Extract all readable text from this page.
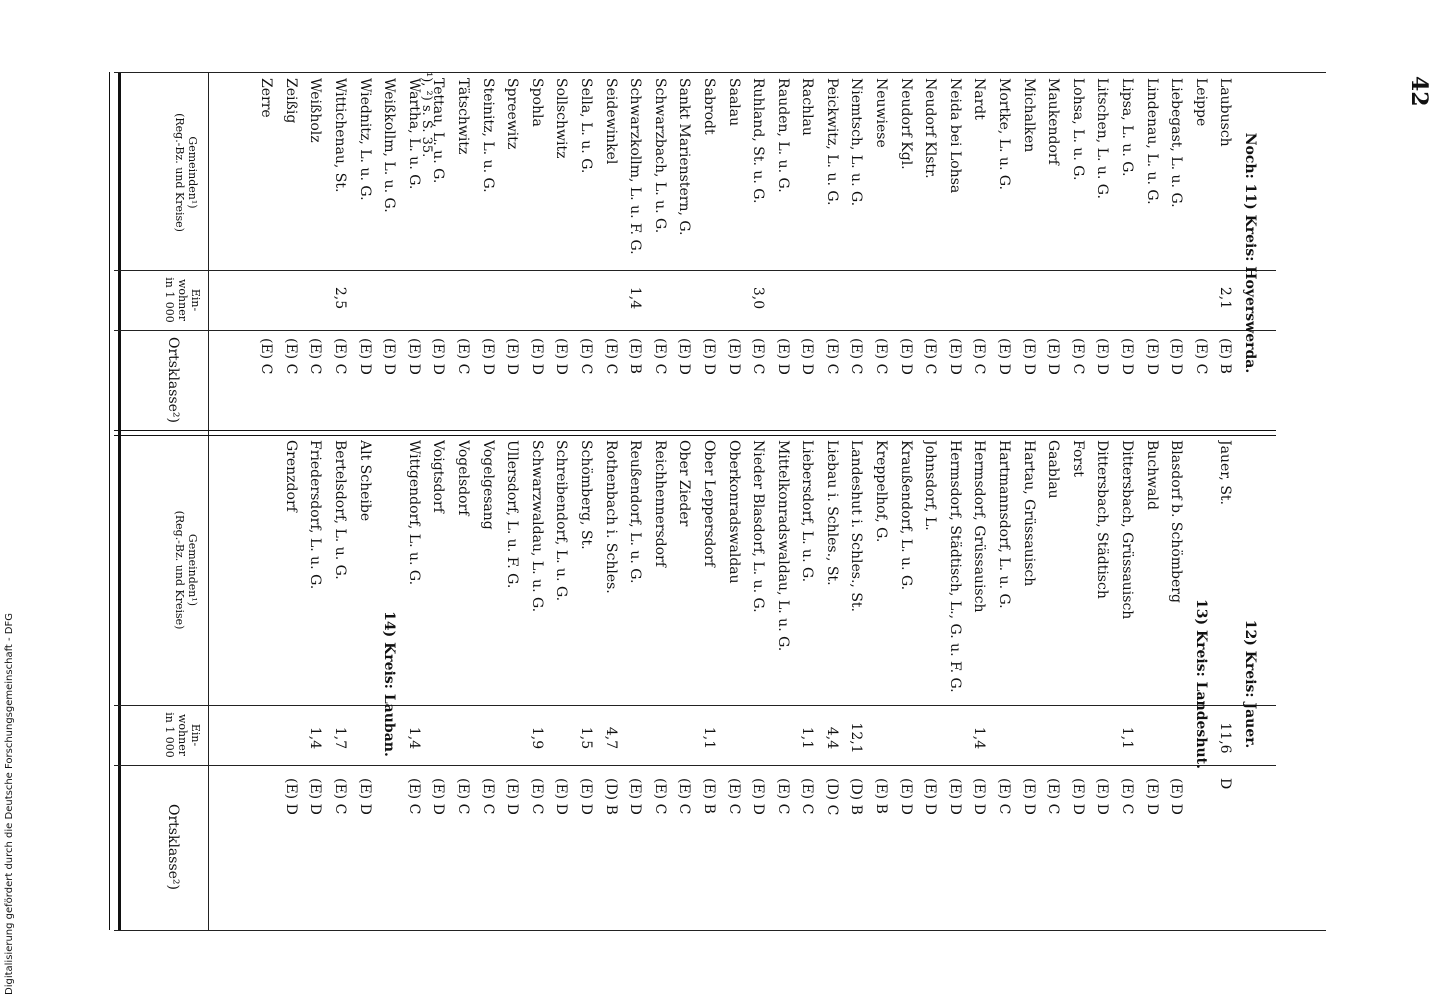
42
Gemeinden¹)
(Reg.-Bz. und Kreise)
Ein-wohner in 1 000
Ortsklasse²)
Gemeinden¹)
(Reg.-Bz. und Kreise)
Ein-wohner in 1 000
Ortsklasse²)
Noch: 11) Kreis: Hoyerswerda.
Laubusch
2,1
(E) B
Leippe
(E) C
Liebegast, L. u. G.
(E) D
Lindenau, L. u. G.
(E) D
Lipsa, L. u. G.
(E) D
Litschen, L. u. G.
(E) D
Lohsa, L. u. G.
(E) C
Maukendorf
(E) D
Michalken
(E) D
Mortke, L. u. G.
(E) D
Nardt
(E) C
Neida bei Lohsa
(E) D
Neudorf Klstr.
(E) C
Neudorf Kgl.
(E) D
Neuwiese
(E) C
Niemtsch, L. u. G.
(E) C
Peickwitz, L. u. G.
(E) C
Rachlau
(E) D
Rauden, L. u. G.
(E) D
Ruhland, St. u. G.
3,0
(E) C
Saalau
(E) D
Sabrodt
(E) D
Sankt Marienstern, G.
(E) D
Schwarzbach, L. u. G.
(E) C
Schwarzkollm, L. u. F. G.
1,4
(E) B
Seidewinkel
(E) C
Sella, L. u. G.
(E) C
Sollschwitz
(E) D
Spohla
(E) D
Spreewitz
(E) D
Steinitz, L. u. G.
(E) D
Tätschwitz
(E) C
Tettau, L. u. G.
(E) D
Wartha, L. u. G.
(E) D
Weißkollm, L. u. G.
(E) D
Wiednitz, L. u. G.
(E) D
Wittichenau, St.
2,5
(E) C
Weißholz
(E) C
Zeißig
(E) C
Zerre
(E) C
12) Kreis: Jauer.
Jauer, St.
11,6
D
13) Kreis: Landeshut.
Blasdorf b. Schömberg
(E) D
Buchwald
(E) D
Dittersbach, Grüssauisch
1,1
(E) C
Dittersbach, Städtisch
(E) D
Forst
(E) D
Gaablau
(E) C
Hartau, Grüssauisch
(E) D
Hartmannsdorf, L. u. G.
(E) C
Hermsdorf, Grüssauisch
1,4
(E) D
Hermsdorf, Städtisch, L., G. u. F. G.
(E) D
Johnsdorf, L.
(E) D
Kraußendorf, L. u. G.
(E) D
Kreppelhof, G.
(E) B
Landeshut i. Schles., St.
12,1
(D) B
Liebau i. Schles., St.
4,4
(D) C
Liebersdorf, L. u. G.
1,1
(E) C
Mittelkonradswaldau, L. u. G.
(E) C
Nieder Blasdorf, L. u. G.
(E) D
Oberkonradswaldau
(E) C
Ober Leppersdorf
1,1
(E) B
Ober Zieder
(E) C
Reichhennersdorf
(E) C
Reußendorf, L. u. G.
(E) D
Rothenbach i. Schles.
4,7
(D) B
Schömberg, St.
1,5
(E) D
Schreibendorf, L. u. G.
(E) D
Schwarzwaldau, L. u. G.
1,9
(E) C
Ullersdorf, L. u. F. G.
(E) D
Vogelgesang
(E) C
Vogelsdorf
(E) C
Voigtsdorf
(E) D
Wittgendorf, L. u. G.
1,4
(E) C
14) Kreis: Lauban.
Alt Scheibe
(E) D
Bertelsdorf, L. u. G.
1,7
(E) C
Friedersdorf, L. u. G.
1,4
(E) D
Grenzdorf
(E) D
¹), ²) s. S. 35.
Digitalisierung gefördert durch die Deutsche Forschungsgemeinschaft - DFG
